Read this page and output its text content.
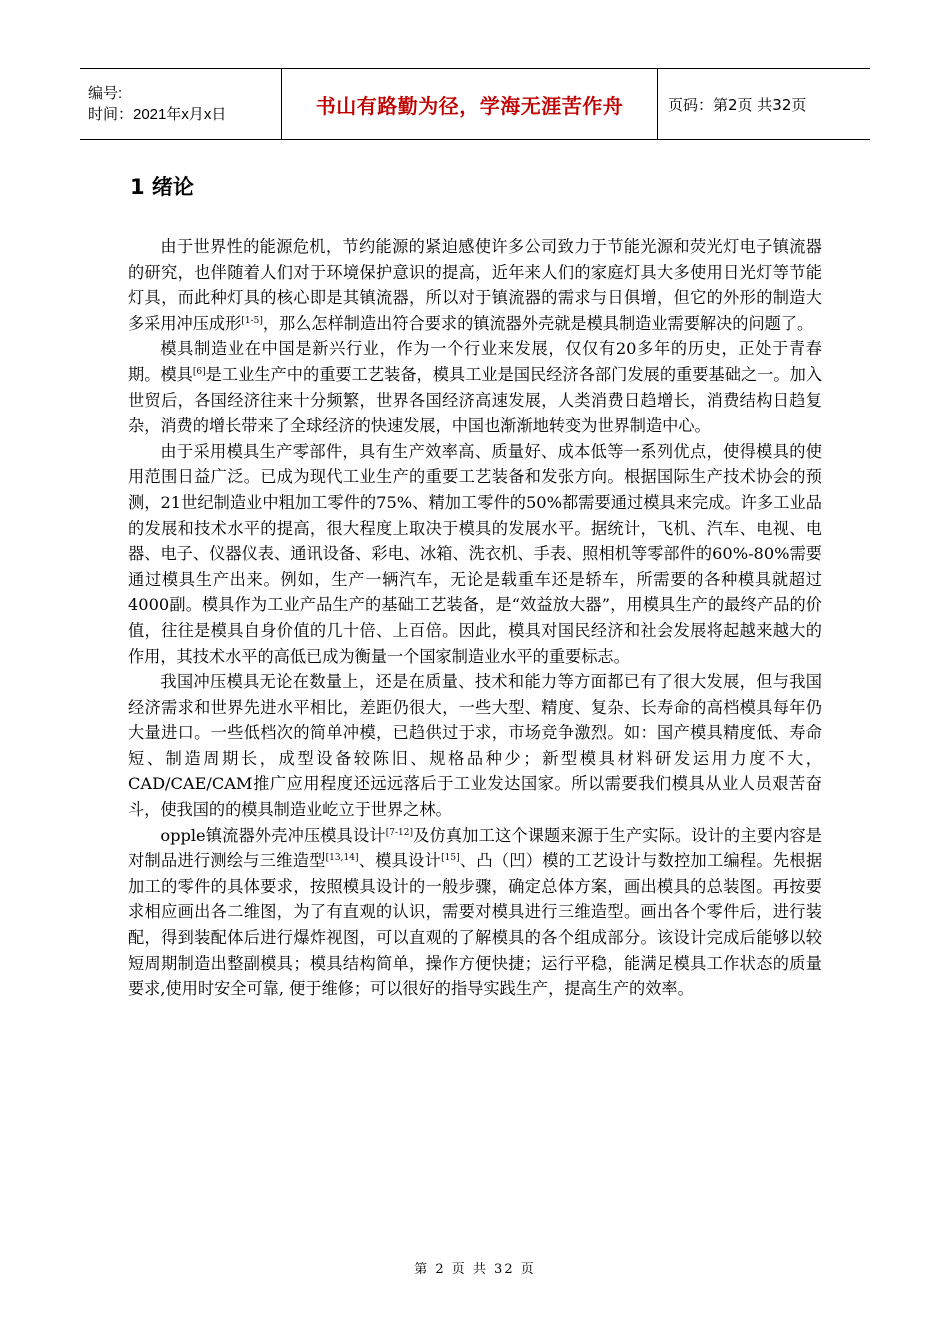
编号:
时间：2021年x月x日	书山有路勤为径，学海无涯苦作舟	页码：第2页 共32页
1 绪论

由于世界性的能源危机，节约能源的紧迫感使许多公司致力于节能光源和荧光灯电子镇流器的研究，也伴随着人们对于环境保护意识的提高，近年来人们的家庭灯具大多使用日光灯等节能灯具，而此种灯具的核心即是其镇流器，所以对于镇流器的需求与日俱增，但它的外形的制造大多采用冲压成形[1-5]，那么怎样制造出符合要求的镇流器外壳就是模具制造业需要解决的问题了。

模具制造业在中国是新兴行业，作为一个行业来发展，仅仅有20多年的历史，正处于青春期。模具[6]是工业生产中的重要工艺装备，模具工业是国民经济各部门发展的重要基础之一。加入世贸后，各国经济往来十分频繁，世界各国经济高速发展，人类消费日趋增长，消费结构日趋复杂，消费的增长带来了全球经济的快速发展，中国也渐渐地转变为世界制造中心。

由于采用模具生产零部件，具有生产效率高、质量好、成本低等一系列优点，使得模具的使用范围日益广泛。已成为现代工业生产的重要工艺装备和发张方向。根据国际生产技术协会的预测，21世纪制造业中粗加工零件的75%、精加工零件的50%都需要通过模具来完成。许多工业品的发展和技术水平的提高，很大程度上取决于模具的发展水平。据统计，飞机、汽车、电视、电器、电子、仪器仪表、通讯设备、彩电、冰箱、洗衣机、手表、照相机等零部件的60%-80%需要通过模具生产出来。例如，生产一辆汽车，无论是载重车还是轿车，所需要的各种模具就超过4000副。模具作为工业产品生产的基础工艺装备，是“效益放大器”，用模具生产的最终产品的价值，往往是模具自身价值的几十倍、上百倍。因此，模具对国民经济和社会发展将起越来越大的作用，其技术水平的高低已成为衡量一个国家制造业水平的重要标志。

我国冲压模具无论在数量上，还是在质量、技术和能力等方面都已有了很大发展，但与我国经济需求和世界先进水平相比，差距仍很大，一些大型、精度、复杂、长寿命的高档模具每年仍大量进口。一些低档次的简单冲模，已趋供过于求，市场竞争激烈。如：国产模具精度低、寿命短、制造周期长，成型设备较陈旧、规格品种少；新型模具材料研发运用力度不大，CAD/CAE/CAM推广应用程度还远远落后于工业发达国家。所以需要我们模具从业人员艰苦奋斗，使我国的的模具制造业屹立于世界之林。

opple镇流器外壳冲压模具设计[7-12]及仿真加工这个课题来源于生产实际。设计的主要内容是对制品进行测绘与三维造型[13,14]、模具设计[15]、凸（凹）模的工艺设计与数控加工编程。先根据加工的零件的具体要求，按照模具设计的一般步骤，确定总体方案，画出模具的总装图。再按要求相应画出各二维图，为了有直观的认识，需要对模具进行三维造型。画出各个零件后，进行装配，得到装配体后进行爆炸视图，可以直观的了解模具的各个组成部分。该设计完成后能够以较短周期制造出整副模具；模具结构简单，操作方便快捷；运行平稳，能满足模具工作状态的质量要求,使用时安全可靠, 便于维修；可以很好的指导实践生产，提高生产的效率。

第 2 页 共 32 页
